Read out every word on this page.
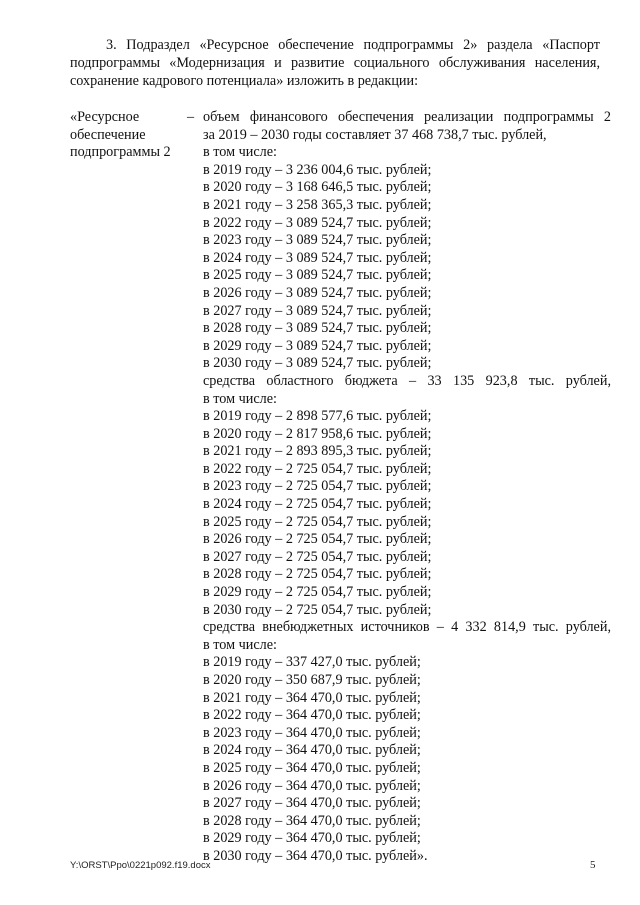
3. Подраздел «Ресурсное обеспечение подпрограммы 2» раздела «Паспорт подпрограммы «Модернизация и развитие социального обслуживания населения, сохранение кадрового потенциала» изложить в редакции:

«Ресурсное
обеспечение
подпрограммы 2
– объем финансового обеспечения реализации подпрограммы 2
за 2019 – 2030 годы составляет 37 468 738,7 тыс. рублей,
в том числе:
в 2019 году – 3 236 004,6 тыс. рублей;
в 2020 году – 3 168 646,5 тыс. рублей;
в 2021 году – 3 258 365,3 тыс. рублей;
в 2022 году – 3 089 524,7 тыс. рублей;
в 2023 году – 3 089 524,7 тыс. рублей;
в 2024 году – 3 089 524,7 тыс. рублей;
в 2025 году – 3 089 524,7 тыс. рублей;
в 2026 году – 3 089 524,7 тыс. рублей;
в 2027 году – 3 089 524,7 тыс. рублей;
в 2028 году – 3 089 524,7 тыс. рублей;
в 2029 году – 3 089 524,7 тыс. рублей;
в 2030 году – 3 089 524,7 тыс. рублей;
средства областного бюджета – 33 135 923,8 тыс. рублей,
в том числе:
в 2019 году – 2 898 577,6 тыс. рублей;
в 2020 году – 2 817 958,6 тыс. рублей;
в 2021 году – 2 893 895,3 тыс. рублей;
в 2022 году – 2 725 054,7 тыс. рублей;
в 2023 году – 2 725 054,7 тыс. рублей;
в 2024 году – 2 725 054,7 тыс. рублей;
в 2025 году – 2 725 054,7 тыс. рублей;
в 2026 году – 2 725 054,7 тыс. рублей;
в 2027 году – 2 725 054,7 тыс. рублей;
в 2028 году – 2 725 054,7 тыс. рублей;
в 2029 году – 2 725 054,7 тыс. рублей;
в 2030 году – 2 725 054,7 тыс. рублей;
средства внебюджетных источников – 4 332 814,9 тыс. рублей,
в том числе:
в 2019 году – 337 427,0 тыс. рублей;
в 2020 году – 350 687,9 тыс. рублей;
в 2021 году – 364 470,0 тыс. рублей;
в 2022 году – 364 470,0 тыс. рублей;
в 2023 году – 364 470,0 тыс. рублей;
в 2024 году – 364 470,0 тыс. рублей;
в 2025 году – 364 470,0 тыс. рублей;
в 2026 году – 364 470,0 тыс. рублей;
в 2027 году – 364 470,0 тыс. рублей;
в 2028 году – 364 470,0 тыс. рублей;
в 2029 году – 364 470,0 тыс. рублей;
в 2030 году – 364 470,0 тыс. рублей».
Y:\ORST\Ppo\0221p092.f19.docx	5
